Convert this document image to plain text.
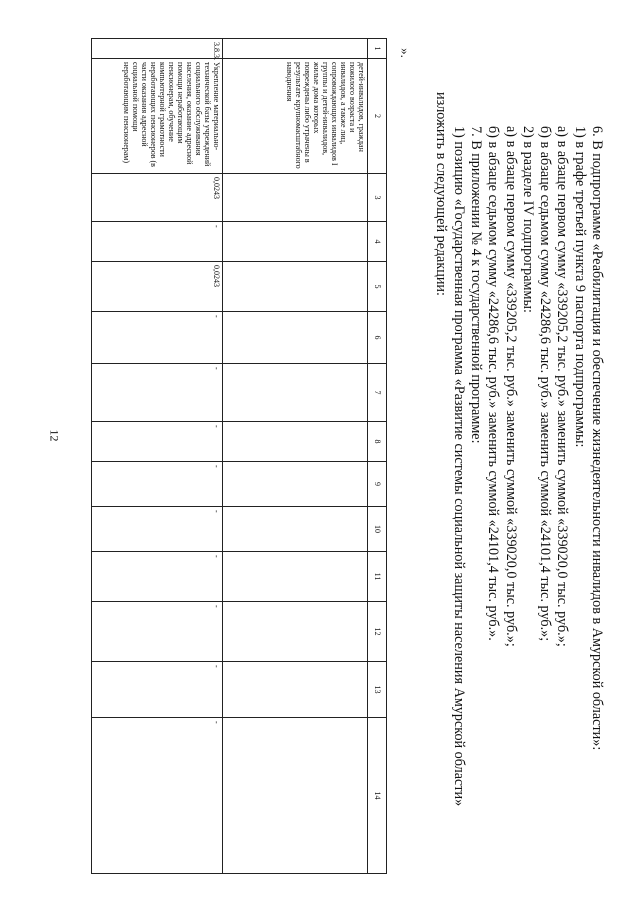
12
1	2	3	4	5	6	7	8	9	10	11	12	13	14
	детей-инвалидов, граждан пожилого возраста и инвалидов, а также лиц, сопровождающих инвалидов I группы и детей-инвалидов, жилые дома которых повреждены либо утрачены в результате крупномасштабного наводнения												
3.8.3.	Укрепление материально-технической базы учреждений социального обслуживания населения, оказание адресной помощи неработающим пенсионерам, обучение компьютерной грамотности неработающих пенсионеров (в части оказания адресной социальной помощи неработающим пенсионерам)	0,0243	-	0,0243	-	-	-	-	-	-	-	-	-
».

6. В подпрограмме «Реабилитация и обеспечение жизнедеятельности инвалидов в Амурской области»:

1) в графе третьей пункта 9 паспорта подпрограммы:

а) в абзаце первом сумму «339205,2 тыс. руб.» заменить суммой «339020,0 тыс. руб.»;

б) в абзаце седьмом сумму «24286,6 тыс. руб.» заменить суммой «24101,4 тыс. руб.»;

2) в разделе IV подпрограммы:

а) в абзаце первом сумму «339205,2 тыс. руб.» заменить суммой «339020,0 тыс. руб.»;

б) в абзаце седьмом сумму «24286,6 тыс. руб.» заменить суммой «24101,4 тыс. руб.».

7. В приложении № 4 к государственной программе:

1) позицию «Государственная программа «Развитие системы социальной защиты населения Амурской области»

изложить в следующей редакции:
